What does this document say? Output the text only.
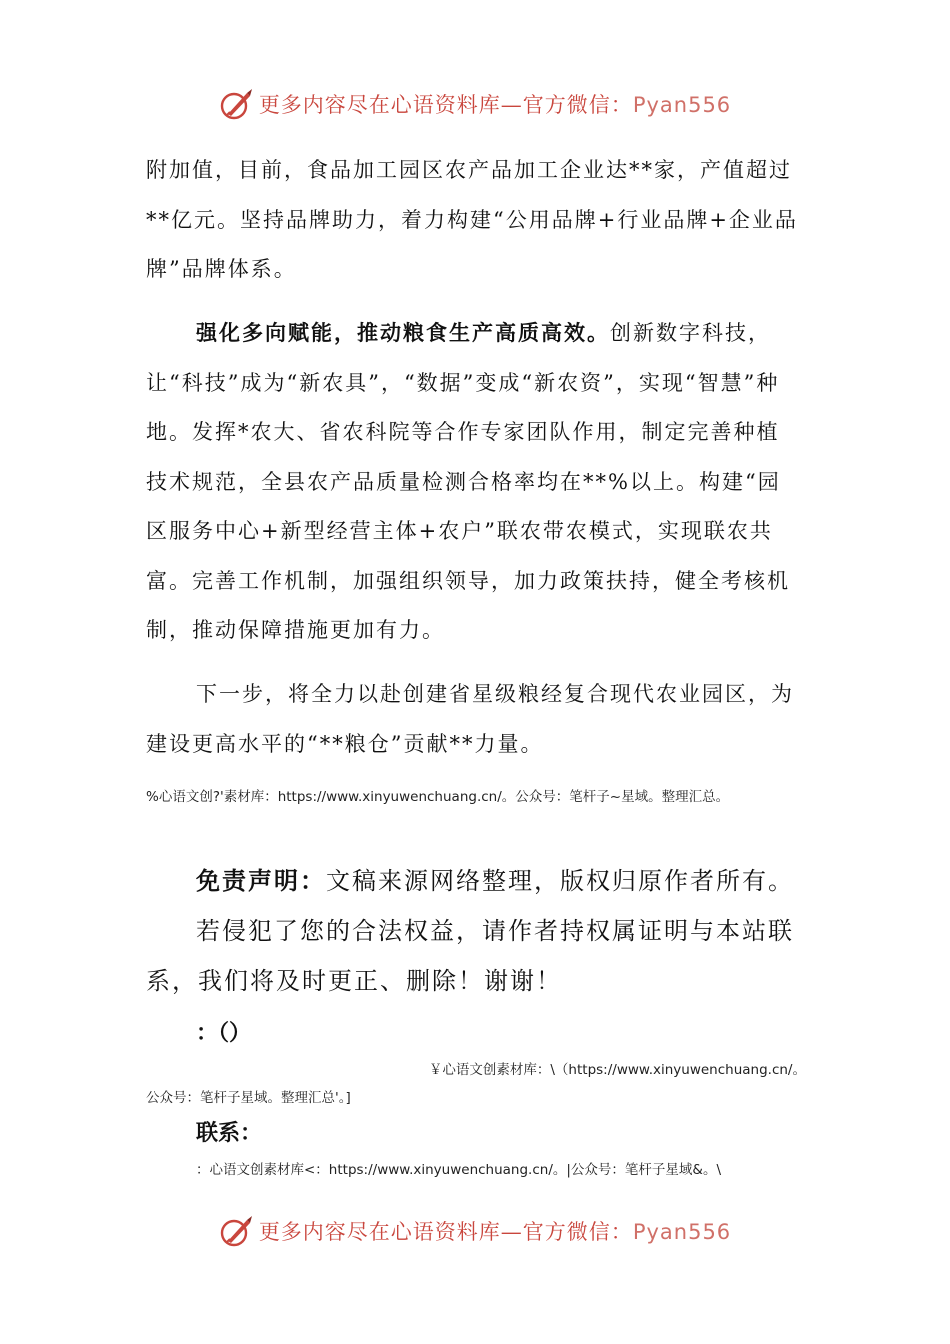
更多内容尽在心语资料库—官方微信：Pyan556

附加值，目前，食品加工园区农产品加工企业达**家，产值超过**亿元。坚持品牌助力，着力构建“公用品牌+行业品牌+企业品牌”品牌体系。

强化多向赋能，推动粮食生产高质高效。创新数字科技，让“科技”成为“新农具”，“数据”变成“新农资”，实现“智慧”种地。发挥*农大、省农科院等合作专家团队作用，制定完善种植技术规范，全县农产品质量检测合格率均在**%以上。构建“园区服务中心+新型经营主体+农户”联农带农模式，实现联农共富。完善工作机制，加强组织领导，加力政策扶持，健全考核机制，推动保障措施更加有力。

下一步，将全力以赴创建省星级粮经复合现代农业园区，为建设更高水平的“**粮仓”贡献**力量。

%心语文创?'素材库：https://www.xinyuwenchuang.cn/。公众号：笔杆子~星域。整理汇总。

免责声明：文稿来源网络整理，版权归原作者所有。

若侵犯了您的合法权益，请作者持权属证明与本站联系，我们将及时更正、删除！谢谢！

：（）

￥心语文创素材库：\（https://www.xinyuwenchuang.cn/。

公众号：笔杆子星域。整理汇总'。]

联系：

：心语文创素材库<：https://www.xinyuwenchuang.cn/。|公众号：笔杆子星域&。\

更多内容尽在心语资料库—官方微信：Pyan556
